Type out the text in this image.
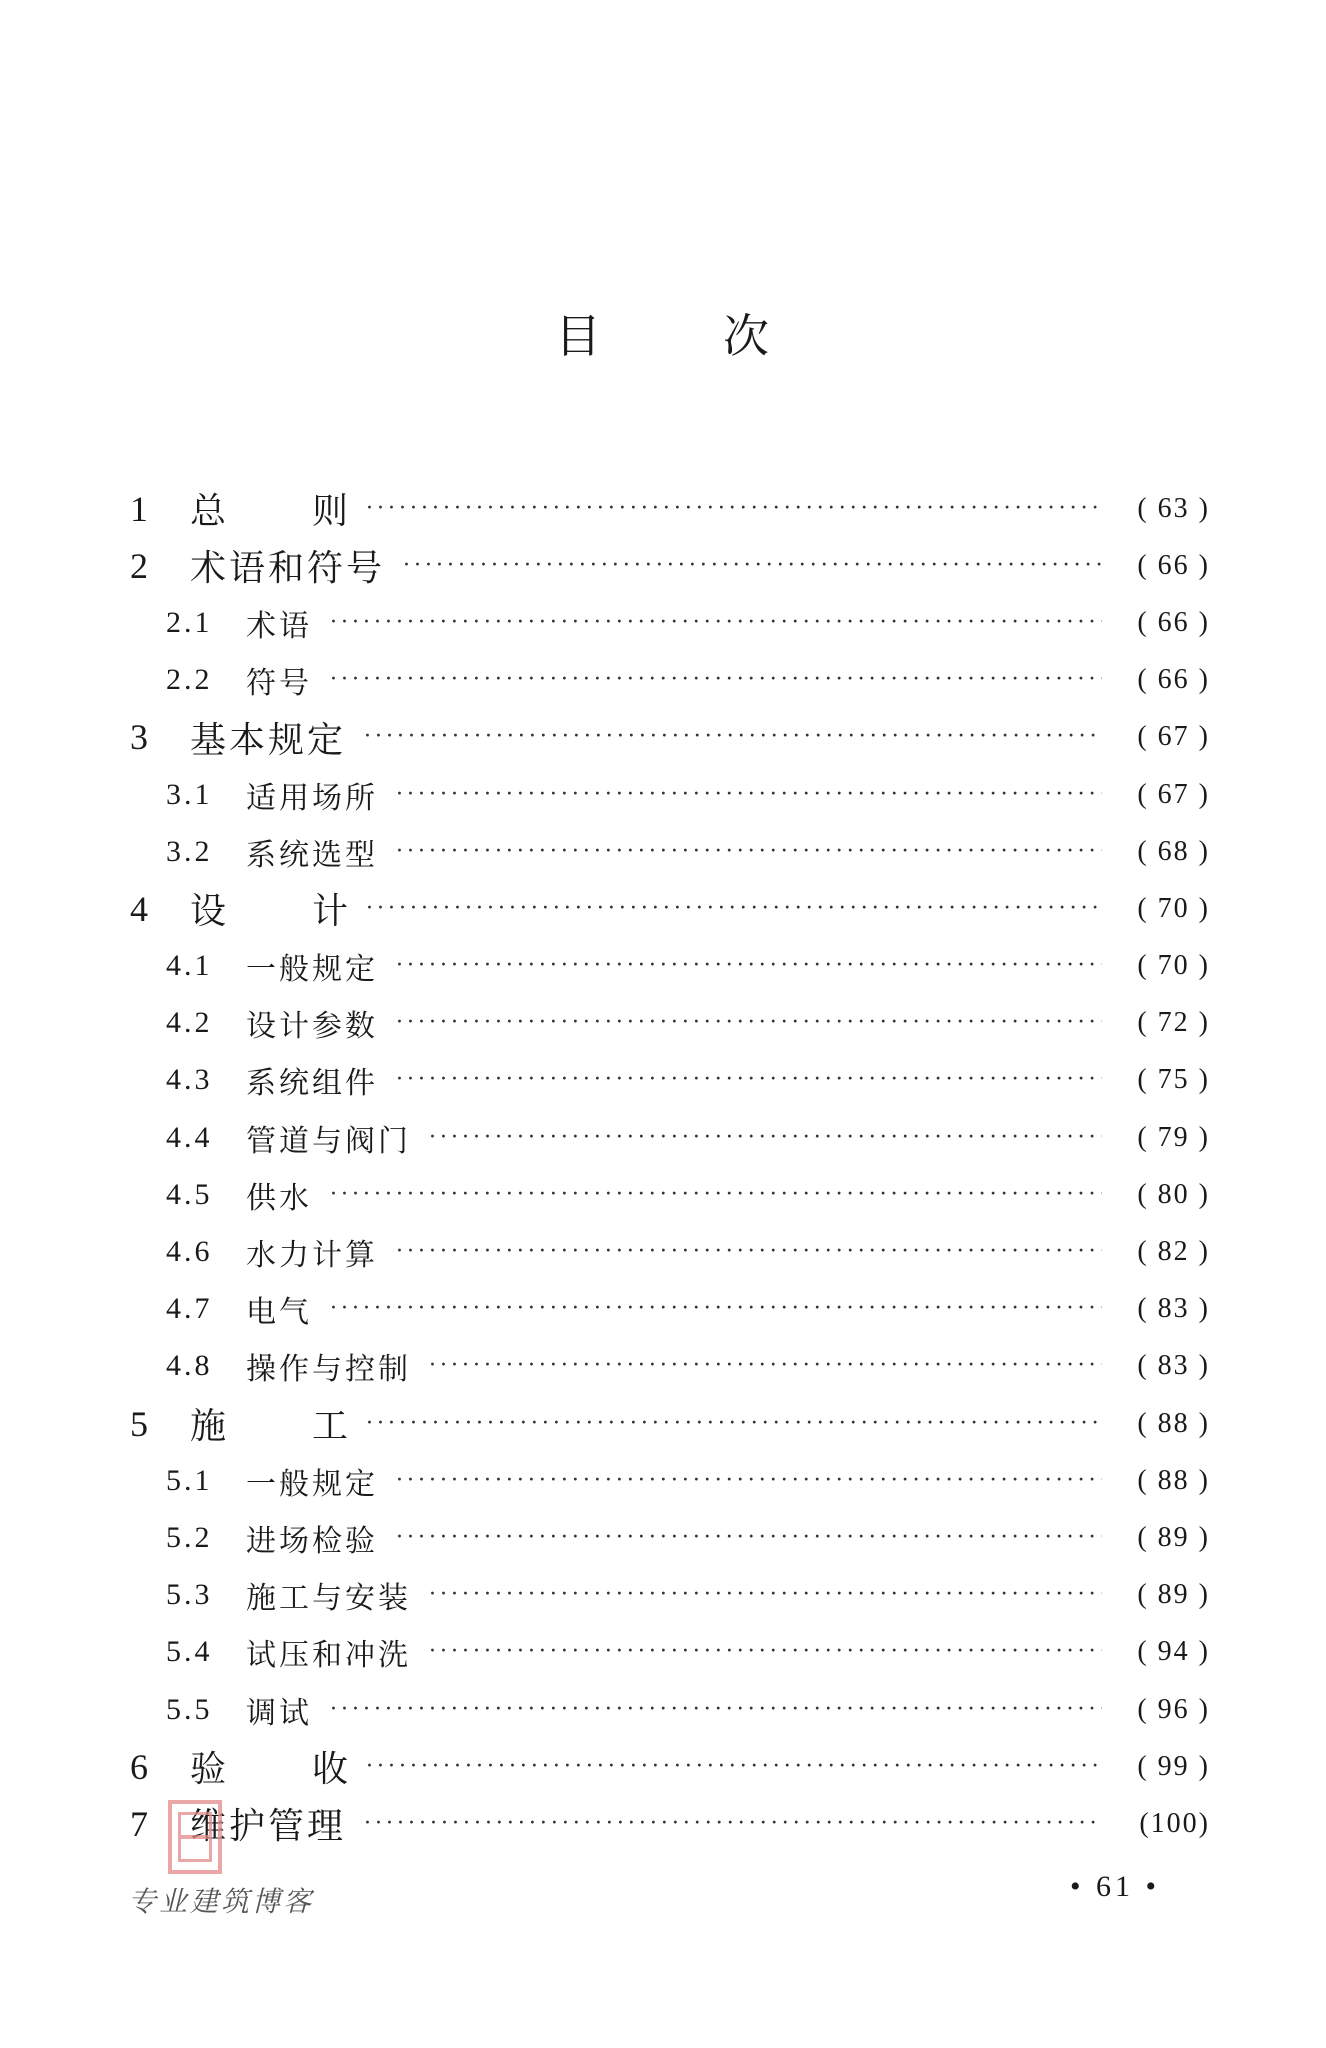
目	次
1	总 则 ·····	( 63 )
2	术语和符号 ·····	( 66 )
2.1	术语 ·····	( 66 )
2.2	符号 ·····	( 66 )
3	基本规定 ·····	( 67 )
3.1	适用场所 ·····	( 67 )
3.2	系统选型 ·····	( 68 )
4	设 计 ·····	( 70 )
4.1	一般规定 ·····	( 70 )
4.2	设计参数 ·····	( 72 )
4.3	系统组件 ·····	( 75 )
4.4	管道与阀门 ·····	( 79 )
4.5	供水 ·····	( 80 )
4.6	水力计算 ·····	( 82 )
4.7	电气 ·····	( 83 )
4.8	操作与控制 ·····	( 83 )
5	施 工 ·····	( 88 )
5.1	一般规定 ·····	( 88 )
5.2	进场检验 ·····	( 89 )
5.3	施工与安装 ·····	( 89 )
5.4	试压和冲洗 ·····	( 94 )
5.5	调试 ·····	( 96 )
6	验 收 ·····	( 99 )
7	维护管理 ·····	(100)
专业建筑博客	• 61 •
